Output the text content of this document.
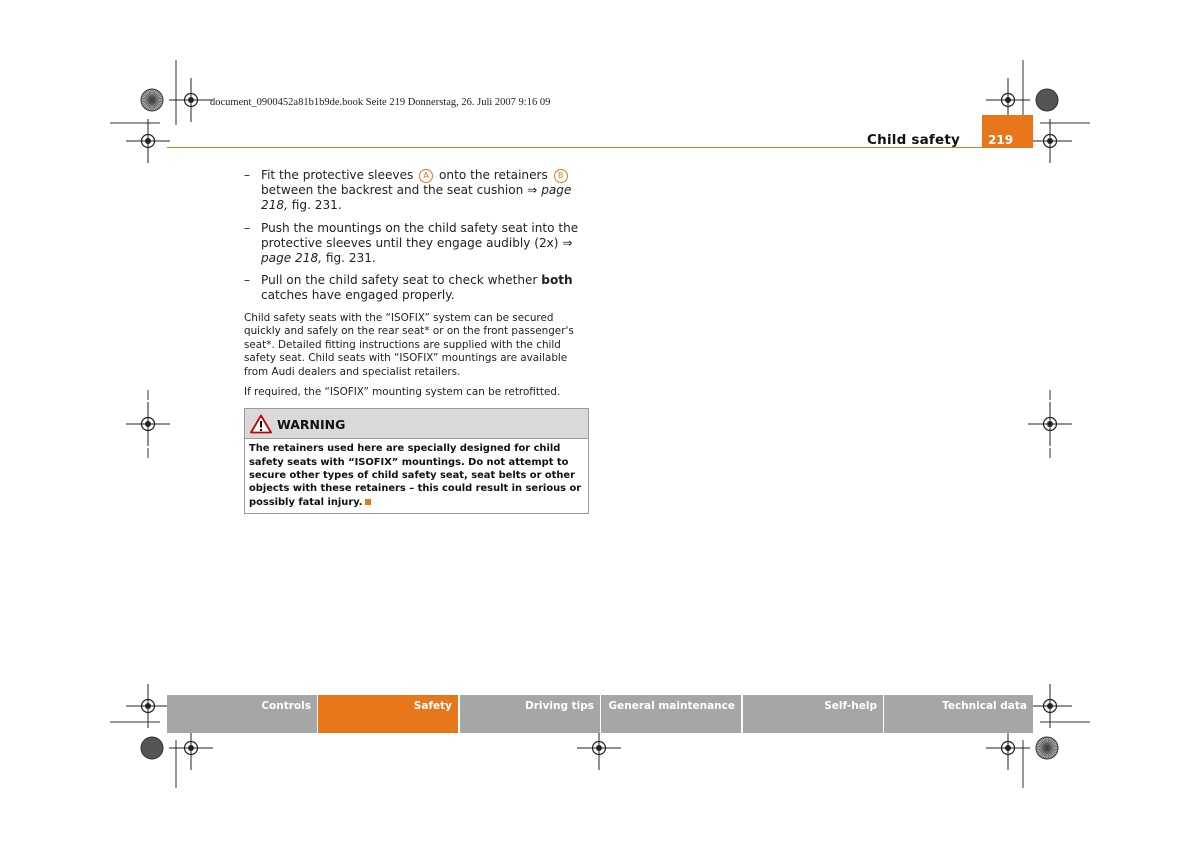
document_0900452a81b1b9de.book Seite 219 Donnerstag, 26. Juli 2007 9:16 09
Child safety 219
– Fit the protective sleeves A onto the retainers B between the backrest and the seat cushion ⇒ page 218, fig. 231.
– Push the mountings on the child safety seat into the protective sleeves until they engage audibly (2x) ⇒ page 218, fig. 231.
– Pull on the child safety seat to check whether both catches have engaged properly.
Child safety seats with the “ISOFIX” system can be secured quickly and safely on the rear seat* or on the front passenger's seat*. Detailed fitting instructions are supplied with the child safety seat. Child seats with “ISOFIX” mountings are available from Audi dealers and specialist retailers.
If required, the “ISOFIX” mounting system can be retrofitted.
WARNING
The retainers used here are specially designed for child safety seats with “ISOFIX” mountings. Do not attempt to secure other types of child safety seat, seat belts or other objects with these retainers – this could result in serious or possibly fatal injury.
Controls	Safety	Driving tips	General maintenance	Self-help	Technical data
